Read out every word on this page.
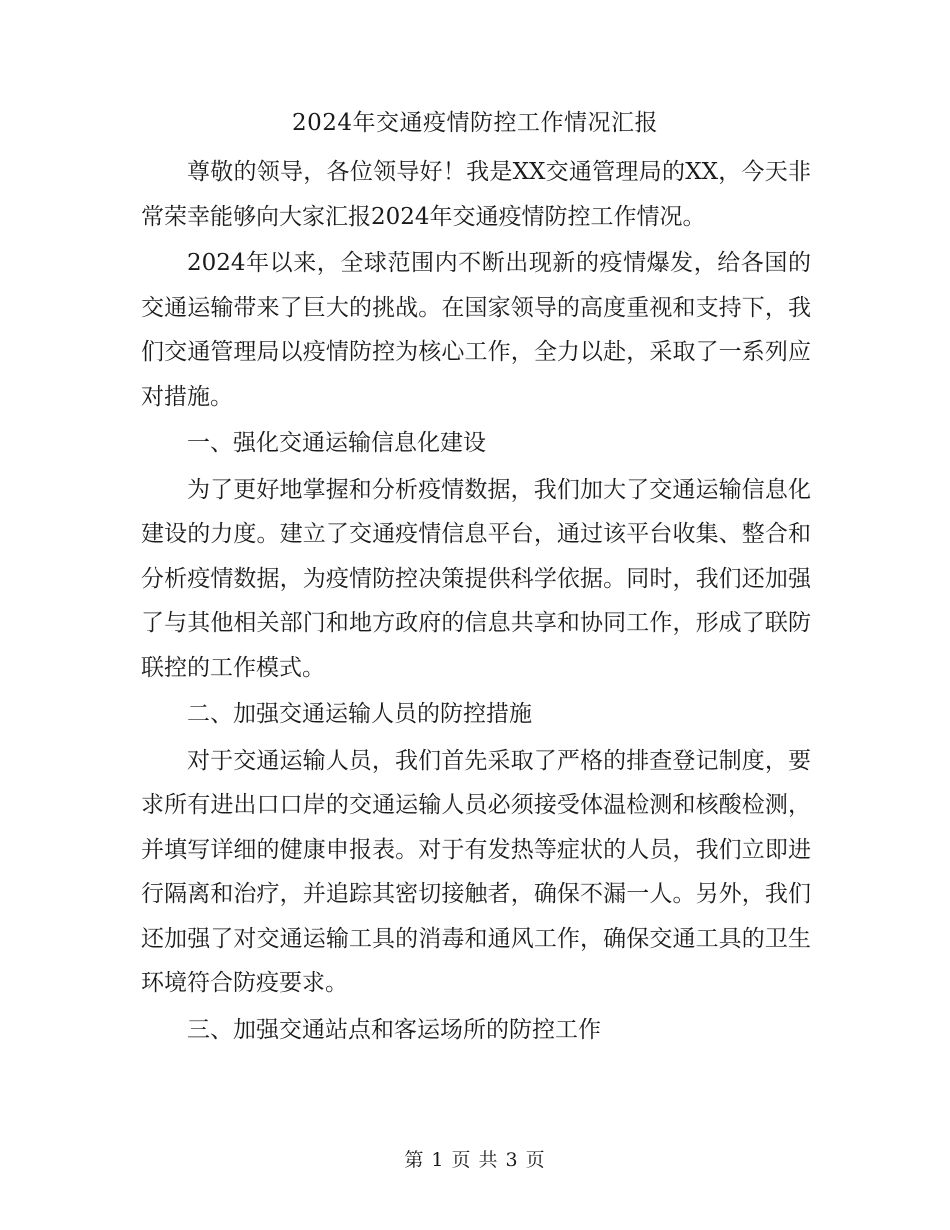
2024年交通疫情防控工作情况汇报

尊敬的领导，各位领导好！我是XX交通管理局的XX，今天非常荣幸能够向大家汇报2024年交通疫情防控工作情况。

2024年以来，全球范围内不断出现新的疫情爆发，给各国的交通运输带来了巨大的挑战。在国家领导的高度重视和支持下，我们交通管理局以疫情防控为核心工作，全力以赴，采取了一系列应对措施。

一、强化交通运输信息化建设

为了更好地掌握和分析疫情数据，我们加大了交通运输信息化建设的力度。建立了交通疫情信息平台，通过该平台收集、整合和分析疫情数据，为疫情防控决策提供科学依据。同时，我们还加强了与其他相关部门和地方政府的信息共享和协同工作，形成了联防联控的工作模式。

二、加强交通运输人员的防控措施

对于交通运输人员，我们首先采取了严格的排查登记制度，要求所有进出口口岸的交通运输人员必须接受体温检测和核酸检测，并填写详细的健康申报表。对于有发热等症状的人员，我们立即进行隔离和治疗，并追踪其密切接触者，确保不漏一人。另外，我们还加强了对交通运输工具的消毒和通风工作，确保交通工具的卫生环境符合防疫要求。

三、加强交通站点和客运场所的防控工作

第 1 页 共 3 页
